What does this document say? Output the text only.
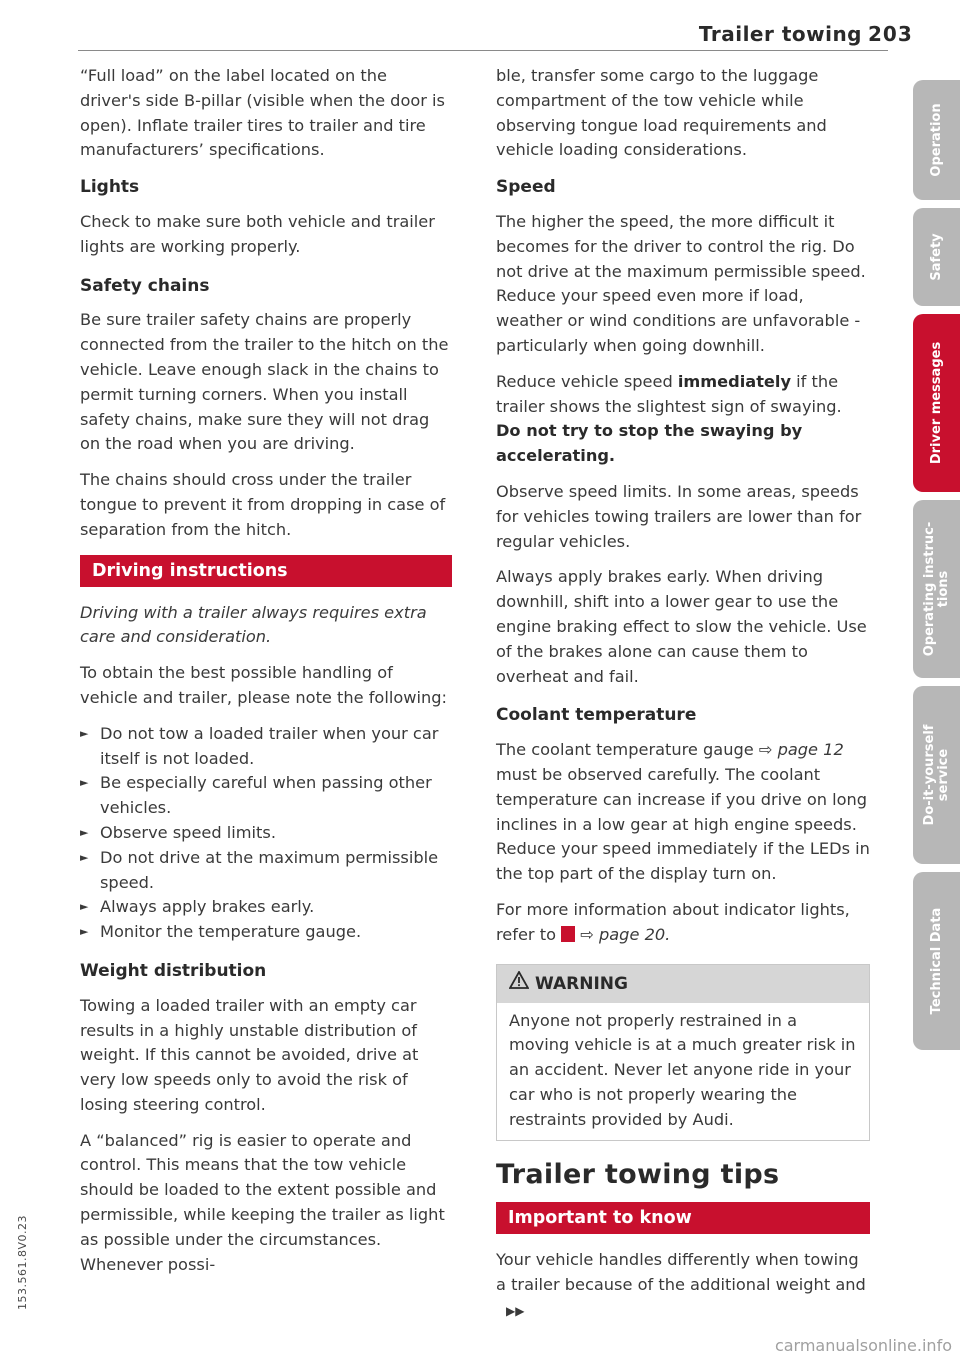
Trailer towing 203

“Full load” on the label located on the driver's side B-pillar (visible when the door is open). Inflate trailer tires to trailer and tire manufacturers’ specifications.

Lights

Check to make sure both vehicle and trailer lights are working properly.

Safety chains

Be sure trailer safety chains are properly connected from the trailer to the hitch on the vehicle. Leave enough slack in the chains to permit turning corners. When you install safety chains, make sure they will not drag on the road when you are driving.

The chains should cross under the trailer tongue to prevent it from dropping in case of separation from the hitch.

Driving instructions

Driving with a trailer always requires extra care and consideration.

To obtain the best possible handling of vehicle and trailer, please note the following:

► Do not tow a loaded trailer when your car itself is not loaded.
► Be especially careful when passing other vehicles.
► Observe speed limits.
► Do not drive at the maximum permissible speed.
► Always apply brakes early.
► Monitor the temperature gauge.
Weight distribution

Towing a loaded trailer with an empty car results in a highly unstable distribution of weight. If this cannot be avoided, drive at very low speeds only to avoid the risk of losing steering control.

A “balanced” rig is easier to operate and control. This means that the tow vehicle should be loaded to the extent possible and permissible, while keeping the trailer as light as possible under the circumstances. Whenever possi-

ble, transfer some cargo to the luggage compartment of the tow vehicle while observing tongue load requirements and vehicle loading considerations.

Speed

The higher the speed, the more difficult it becomes for the driver to control the rig. Do not drive at the maximum permissible speed. Reduce your speed even more if load, weather or wind conditions are unfavorable - particularly when going downhill.

Reduce vehicle speed immediately if the trailer shows the slightest sign of swaying. Do not try to stop the swaying by accelerating.

Observe speed limits. In some areas, speeds for vehicles towing trailers are lower than for regular vehicles.

Always apply brakes early. When driving downhill, shift into a lower gear to use the engine braking effect to slow the vehicle. Use of the brakes alone can cause them to overheat and fail.

Coolant temperature

The coolant temperature gauge ⇨ page 12 must be observed carefully. The coolant temperature can increase if you drive on long inclines in a low gear at high engine speeds. Reduce your speed immediately if the LEDs in the top part of the display turn on.

For more information about indicator lights, refer to  ⇨ page 20.

WARNING
Anyone not properly restrained in a moving vehicle is at a much greater risk in an accident. Never let anyone ride in your car who is not properly wearing the restraints provided by Audi.
Trailer towing tips
Important to know

Your vehicle handles differently when towing a trailer because of the additional weight and▶▶

Operation
Safety
Driver messages
Operating instruc-
tions
Do-it-yourself
service
Technical Data
153.561.8V0.23
carmanualsonline.info
